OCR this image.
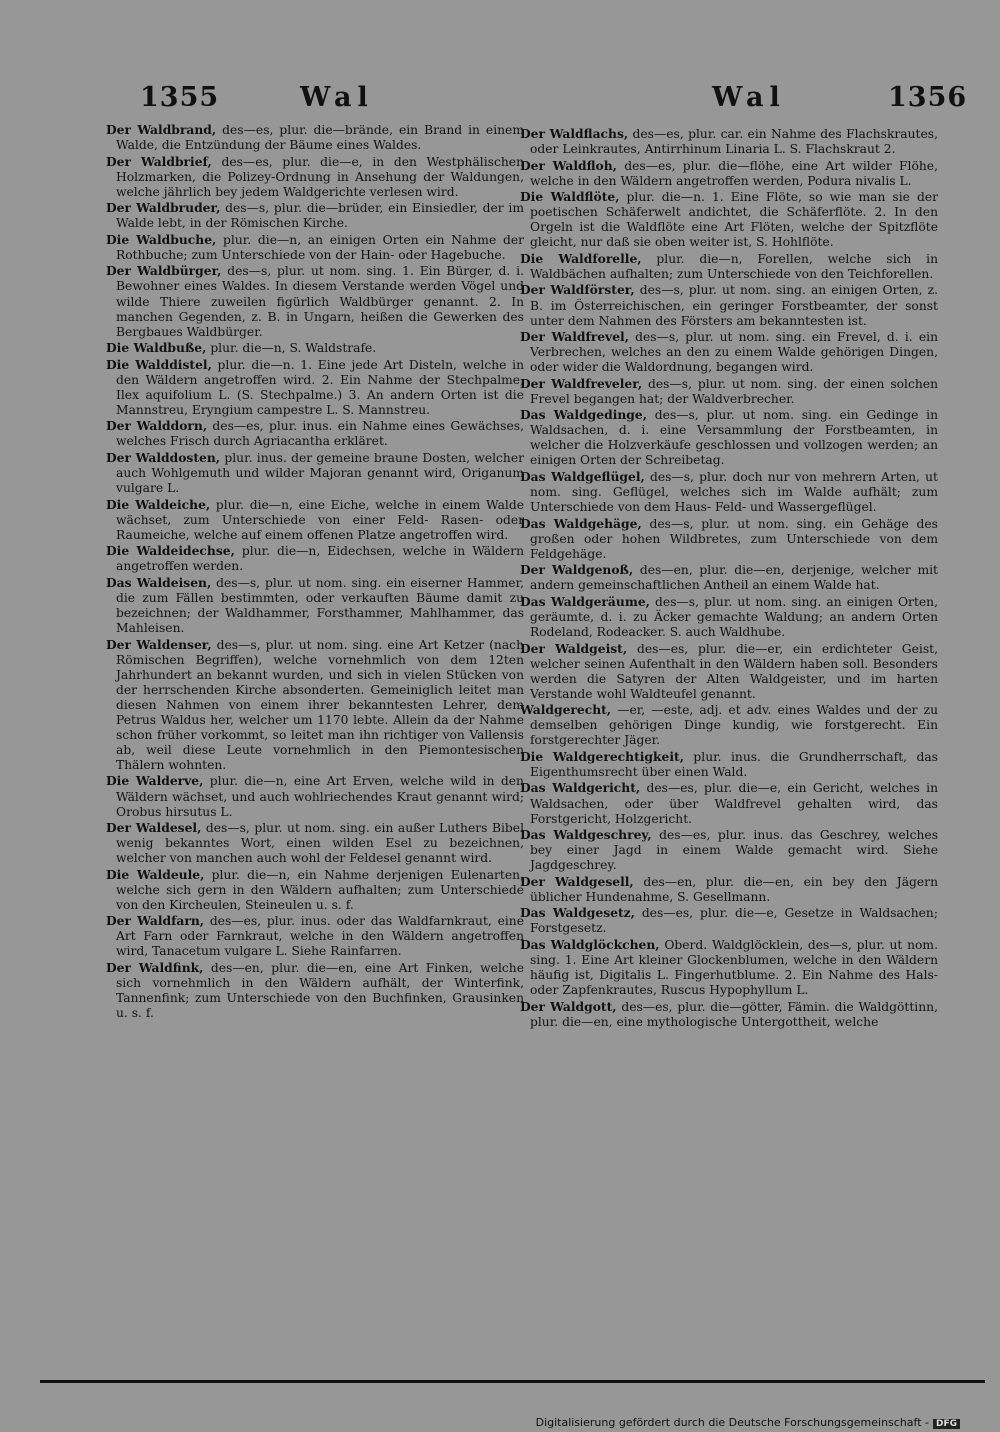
1355	Wal	Wal	1356
Der Waldbrand, des—es, plur. die—brände, ein Brand in einem Walde, die Entzündung der Bäume eines Waldes.
Der Waldbrief, des—es, plur. die—e, in den Westphälischen Holzmarken, die Polizey-Ordnung in Ansehung der Waldungen, welche jährlich bey jedem Waldgerichte verlesen wird.
Der Waldbruder, des—s, plur. die—brüder, ein Einsiedler, der im Walde lebt, in der Römischen Kirche.
Die Waldbuche, plur. die—n, an einigen Orten ein Nahme der Rothbuche; zum Unterschiede von der Hain- oder Hagebuche.
Der Waldbürger, des—s, plur. ut nom. sing. 1. Ein Bürger, d. i. Bewohner eines Waldes. In diesem Verstande werden Vögel und wilde Thiere zuweilen figürlich Waldbürger genannt. 2. In manchen Gegenden, z. B. in Ungarn, heißen die Gewerken des Bergbaues Waldbürger.
Die Waldbuße, plur. die—n, S. Waldstrafe.
Die Walddistel, plur. die—n. 1. Eine jede Art Disteln, welche in den Wäldern angetroffen wird. 2. Ein Nahme der Stechpalme, Ilex aquifolium L. (S. Stechpalme.) 3. An andern Orten ist die Mannstreu, Eryngium campestre L. S. Mannstreu.
Der Walddorn, des—es, plur. inus. ein Nahme eines Gewächses, welches Frisch durch Agriacantha erkläret.
Der Walddosten, plur. inus. der gemeine braune Dosten, welcher auch Wohlgemuth und wilder Majoran genannt wird, Origanum vulgare L.
Die Waldeiche, plur. die—n, eine Eiche, welche in einem Walde wächset, zum Unterschiede von einer Feld- Rasen- oder Raumeiche, welche auf einem offenen Platze angetroffen wird.
Die Waldeidechse, plur. die—n, Eidechsen, welche in Wäldern angetroffen werden.
Das Waldeisen, des—s, plur. ut nom. sing. ein eiserner Hammer, die zum Fällen bestimmten, oder verkauften Bäume damit zu bezeichnen; der Waldhammer, Forsthammer, Mahlhammer, das Mahleisen.
Der Waldenser, des—s, plur. ut nom. sing. eine Art Ketzer (nach Römischen Begriffen), welche vornehmlich von dem 12ten Jahrhundert an bekannt wurden, und sich in vielen Stücken von der herrschenden Kirche absonderten. Gemeiniglich leitet man diesen Nahmen von einem ihrer bekanntesten Lehrer, dem Petrus Waldus her, welcher um 1170 lebte. Allein da der Nahme schon früher vorkommt, so leitet man ihn richtiger von Vallensis ab, weil diese Leute vornehmlich in den Piemontesischen Thälern wohnten.
Die Walderve, plur. die—n, eine Art Erven, welche wild in den Wäldern wächset, und auch wohlriechendes Kraut genannt wird; Orobus hirsutus L.
Der Waldesel, des—s, plur. ut nom. sing. ein außer Luthers Bibel wenig bekanntes Wort, einen wilden Esel zu bezeichnen, welcher von manchen auch wohl der Feldesel genannt wird.
Die Waldeule, plur. die—n, ein Nahme derjenigen Eulenarten, welche sich gern in den Wäldern aufhalten; zum Unterschiede von den Kircheulen, Steineulen u. s. f.
Der Waldfarn, des—es, plur. inus. oder das Waldfarnkraut, eine Art Farn oder Farnkraut, welche in den Wäldern angetroffen wird, Tanacetum vulgare L. Siehe Rainfarren.
Der Waldfink, des—en, plur. die—en, eine Art Finken, welche sich vornehmlich in den Wäldern aufhält, der Winterfink, Tannenfink; zum Unterschiede von den Buchfinken, Grausinken u. s. f.
Der Waldflachs, des—es, plur. car. ein Nahme des Flachskrautes, oder Leinkrautes, Antirrhinum Linaria L. S. Flachskraut 2.
Der Waldfloh, des—es, plur. die—flöhe, eine Art wilder Flöhe, welche in den Wäldern angetroffen werden, Podura nivalis L.
Die Waldflöte, plur. die—n. 1. Eine Flöte, so wie man sie der poetischen Schäferwelt andichtet, die Schäferflöte. 2. In den Orgeln ist die Waldflöte eine Art Flöten, welche der Spitzflöte gleicht, nur daß sie oben weiter ist, S. Hohlflöte.
Die Waldforelle, plur. die—n, Forellen, welche sich in Waldbächen aufhalten; zum Unterschiede von den Teichforellen.
Der Waldförster, des—s, plur. ut nom. sing. an einigen Orten, z. B. im Österreichischen, ein geringer Forstbeamter, der sonst unter dem Nahmen des Försters am bekanntesten ist.
Der Waldfrevel, des—s, plur. ut nom. sing. ein Frevel, d. i. ein Verbrechen, welches an den zu einem Walde gehörigen Dingen, oder wider die Waldordnung, begangen wird.
Der Waldfreveler, des—s, plur. ut nom. sing. der einen solchen Frevel begangen hat; der Waldverbrecher.
Das Waldgedinge, des—s, plur. ut nom. sing. ein Gedinge in Waldsachen, d. i. eine Versammlung der Forstbeamten, in welcher die Holzverkäufe geschlossen und vollzogen werden; an einigen Orten der Schreibetag.
Das Waldgeflügel, des—s, plur. doch nur von mehrern Arten, ut nom. sing. Geflügel, welches sich im Walde aufhält; zum Unterschiede von dem Haus- Feld- und Wassergeflügel.
Das Waldgehäge, des—s, plur. ut nom. sing. ein Gehäge des großen oder hohen Wildbretes, zum Unterschiede von dem Feldgehäge.
Der Waldgenoß, des—en, plur. die—en, derjenige, welcher mit andern gemeinschaftlichen Antheil an einem Walde hat.
Das Waldgeräume, des—s, plur. ut nom. sing. an einigen Orten, geräumte, d. i. zu Äcker gemachte Waldung; an andern Orten Rodeland, Rodeacker. S. auch Waldhube.
Der Waldgeist, des—es, plur. die—er, ein erdichteter Geist, welcher seinen Aufenthalt in den Wäldern haben soll. Besonders werden die Satyren der Alten Waldgeister, und im harten Verstande wohl Waldteufel genannt.
Waldgerecht, —er, —este, adj. et adv. eines Waldes und der zu demselben gehörigen Dinge kundig, wie forstgerecht. Ein forstgerechter Jäger.
Die Waldgerechtigkeit, plur. inus. die Grundherrschaft, das Eigenthumsrecht über einen Wald.
Das Waldgericht, des—es, plur. die—e, ein Gericht, welches in Waldsachen, oder über Waldfrevel gehalten wird, das Forstgericht, Holzgericht.
Das Waldgeschrey, des—es, plur. inus. das Geschrey, welches bey einer Jagd in einem Walde gemacht wird. Siehe Jagdgeschrey.
Der Waldgesell, des—en, plur. die—en, ein bey den Jägern üblicher Hundenahme, S. Gesellmann.
Das Waldgesetz, des—es, plur. die—e, Gesetze in Waldsachen; Forstgesetz.
Das Waldglöckchen, Oberd. Waldglöcklein, des—s, plur. ut nom. sing. 1. Eine Art kleiner Glockenblumen, welche in den Wäldern häufig ist, Digitalis L. Fingerhutblume. 2. Ein Nahme des Hals- oder Zapfenkrautes, Ruscus Hypophyllum L.
Der Waldgott, des—es, plur. die—götter, Fämin. die Waldgöttinn, plur. die—en, eine mythologische Untergottheit, welche
Digitalisierung gefördert durch die Deutsche Forschungsgemeinschaft - DFG
